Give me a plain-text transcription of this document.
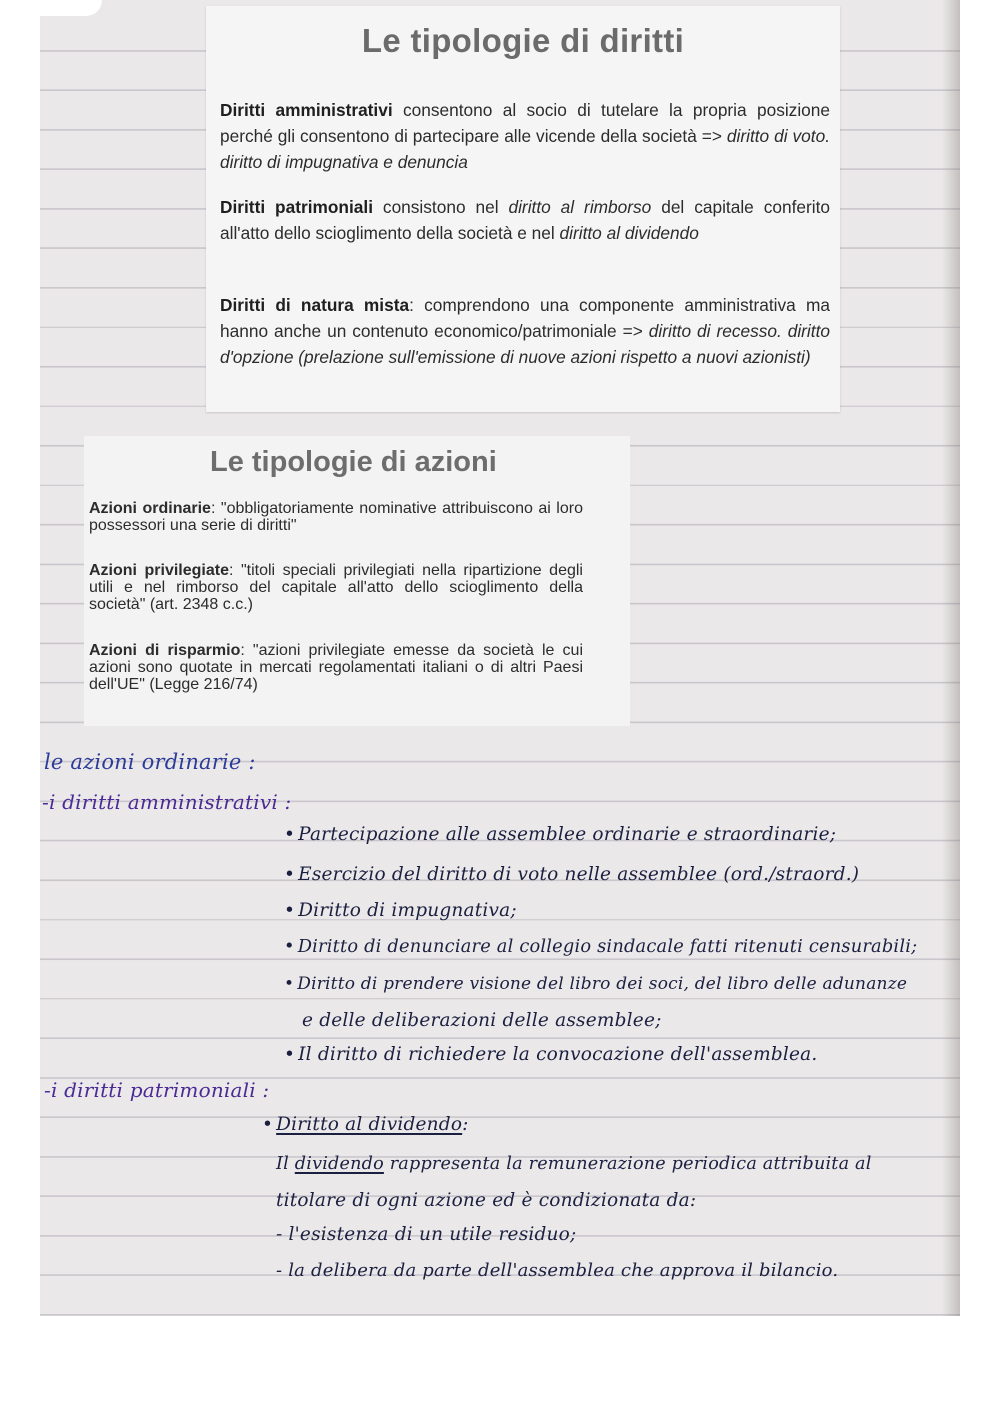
Le tipologie di diritti
Diritti amministrativi consentono al socio di tutelare la propria posizione perché gli consentono di partecipare alle vicende della società => diritto di voto. diritto di impugnativa e denuncia
Diritti patrimoniali consistono nel diritto al rimborso del capitale conferito all'atto dello scioglimento della società e nel diritto al dividendo
Diritti di natura mista: comprendono una componente amministrativa ma hanno anche un contenuto economico/patrimoniale => diritto di recesso. diritto d'opzione (prelazione sull'emissione di nuove azioni rispetto a nuovi azionisti)
Le tipologie di azioni
Azioni ordinarie: "obbligatoriamente nominative attribuiscono ai loro possessori una serie di diritti"
Azioni privilegiate: "titoli speciali privilegiati nella ripartizione degli utili e nel rimborso del capitale all'atto dello scioglimento della società" (art. 2348 c.c.)
Azioni di risparmio: "azioni privilegiate emesse da società le cui azioni sono quotate in mercati regolamentati italiani o di altri Paesi dell'UE" (Legge 216/74)

le azioni ordinarie :

-i diritti amministrativi :

• Partecipazione alle assemblee ordinarie e straordinarie;

• Esercizio del diritto di voto nelle assemblee (ord./straord.)

• Diritto di impugnativa;

• Diritto di denunciare al collegio sindacale fatti ritenuti censurabili;

• Diritto di prendere visione del libro dei soci, del libro delle adunanze

e delle deliberazioni delle assemblee;

• Il diritto di richiedere la convocazione dell'assemblea.

-i diritti patrimoniali :

• Diritto al dividendo:

Il dividendo rappresenta la remunerazione periodica attribuita al

titolare di ogni azione ed è condizionata da:

- l'esistenza di un utile residuo;

- la delibera da parte dell'assemblea che approva il bilancio.
